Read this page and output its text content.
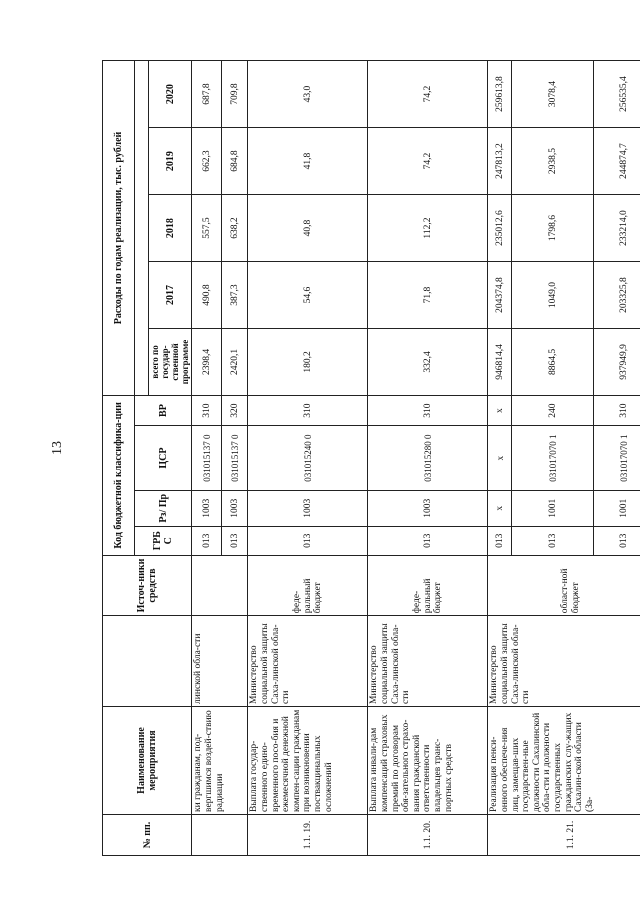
13
№ пп.	Наименование мероприятия		Источ-ники средств	Код бюджетной классифика-ции				Расходы по годам реализации, тыс. рублей				
				ГРБ С	Рз/ Пр	ЦСР	ВР					
								всего по государ-ственной программе	2017	2018	2019	2020
	ки гражданам, под-вергшимся воздей-ствию радиации	линской обла-сти		013	1003	031015137 0	310	2398,4	490,8	557,5	662,3	687,8
				013	1003	031015137 0	320	2420,1	387,3	638,2	684,8	709,8
1.1. 19.	Выплата государ-ственного едино-временного посо-бия и ежемесячной денежной компен-сации гражданам при возникновении поствакцинальных осложнений	Министерство социальной защиты Саха-линской обла-сти	феде-ральный бюджет	013	1003	031015240 0	310	180,2	54,6	40,8	41,8	43,0
1.1. 20.	Выплата инвали-дам компенсаций страховых премий по договорам обя-зательного страхо-вания гражданской ответственности владельцев транс-портных средств	Министерство социальной защиты Саха-линской обла-сти	феде-ральный бюджет	013	1003	031015280 0	310	332,4	71,8	112,2	74,2	74,2
1.1. 21.	Реализация пенси-онного обеспече-ния лиц, замещав-ших государствен-ные должности Сахалинской обла-сти и должности государственных гражданских слу-жащих Сахалин-ской области (За-	Министерство социальной защиты Саха-линской обла-сти	област-ной бюджет	013	х	х	х	946814,4	204374,8	235012,6	247813,2	259613,8
				013	1001	031017070 1	240	8864,5	1049,0	1798,6	2938,5	3078,4
				013	1001	031017070 1	310	937949,9	203325,8	233214,0	244874,7	256535,4
